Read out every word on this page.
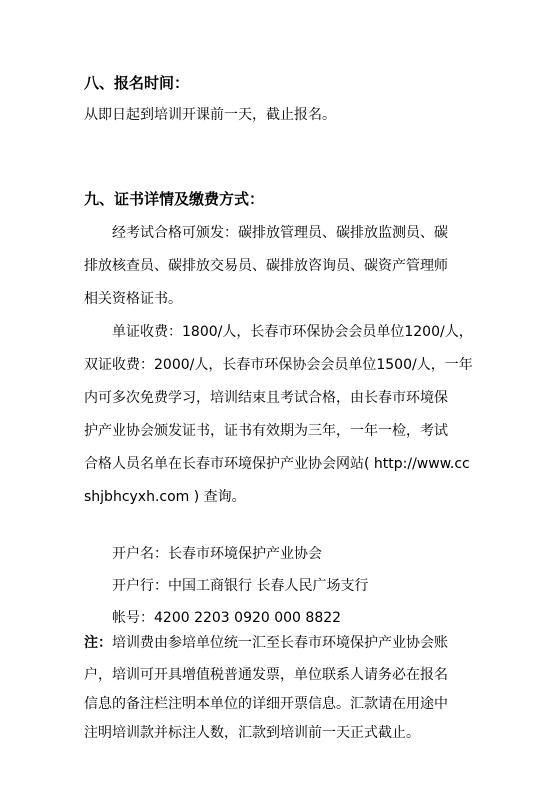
八、报名时间：
从即日起到培训开课前一天，截止报名。
九、证书详情及缴费方式：
经考试合格可颁发：碳排放管理员、碳排放监测员、碳
排放核查员、碳排放交易员、碳排放咨询员、碳资产管理师
相关资格证书。
单证收费：1800/人，长春市环保协会会员单位1200/人，
双证收费：2000/人，长春市环保协会会员单位1500/人，一年
内可多次免费学习，培训结束且考试合格，由长春市环境保
护产业协会颁发证书，证书有效期为三年，一年一检，考试
合格人员名单在长春市环境保护产业协会网站( http://www.cc
shjbhcyxh.com ) 查询。
开户名：长春市环境保护产业协会
开户行：中国工商银行 长春人民广场支行
帐号：4200 2203 0920 000 8822
注：培训费由参培单位统一汇至长春市环境保护产业协会账
户，培训可开具增值税普通发票，单位联系人请务必在报名
信息的备注栏注明本单位的详细开票信息。汇款请在用途中
注明培训款并标注人数，汇款到培训前一天正式截止。
